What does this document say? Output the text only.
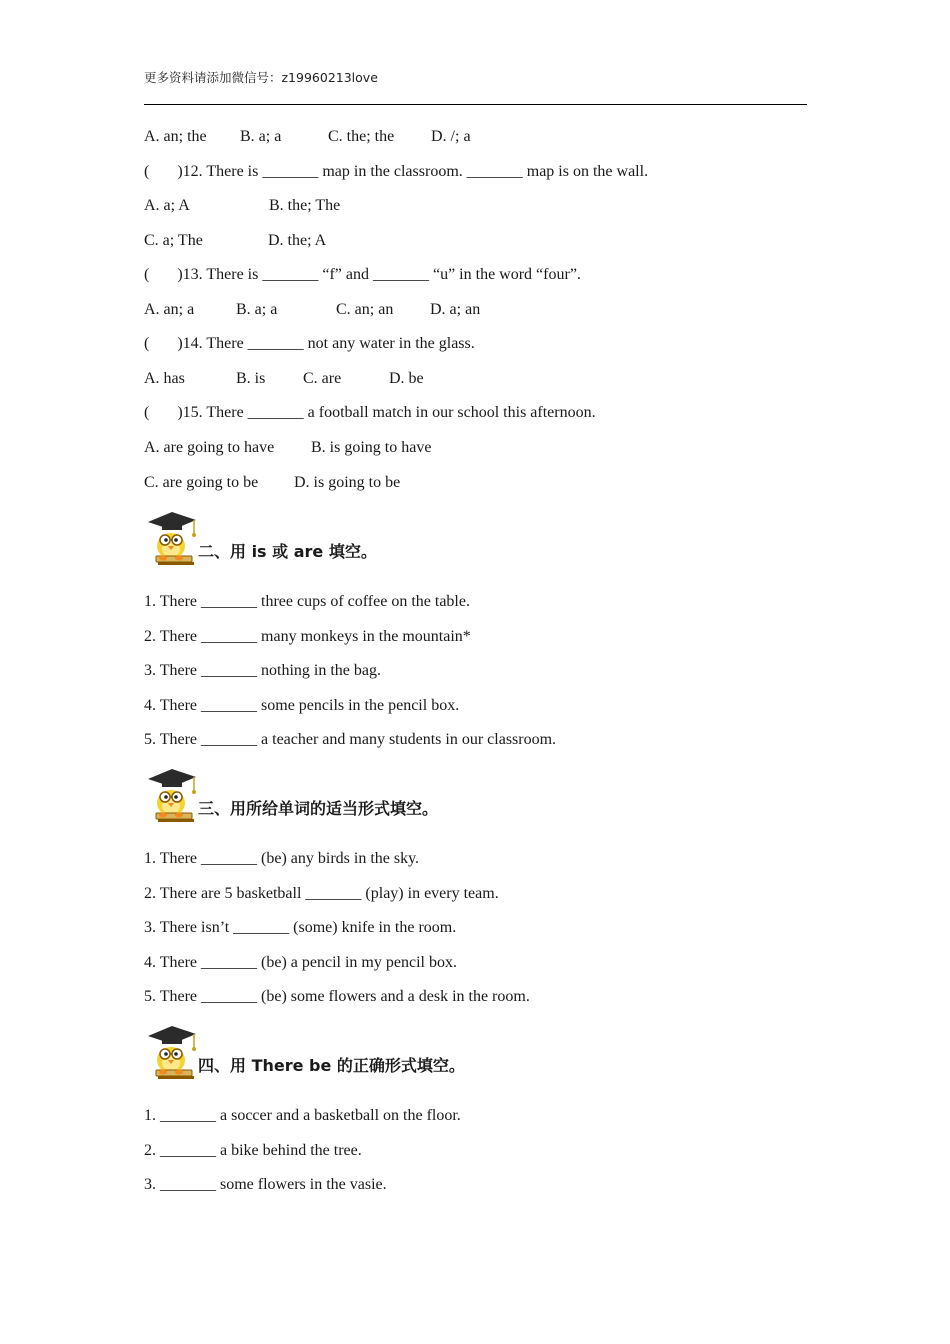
更多资料请添加微信号：z19960213love
A. an; the B. a; a	C. the; the D. /; a
(       )12. There is _______ map in the classroom. _______ map is on the wall.
A. a; A	B. the; The
C. a; The	D. the; A
(       )13. There is _______ “f” and _______ “u” in the word “four”.
A. an; a	B. a; a	C. an; an D. a; an
(       )14. There _______ not any water in the glass.
A. has	B. is C. are	D. be
(       )15. There _______ a football match in our school this afternoon.
A. are going to have B. is going to have
C. are going to be D. is going to be
二、用 is 或 are 填空。
1. There _______ three cups of coffee on the table.
2. There _______ many monkeys in the mountain*
3. There _______ nothing in the bag.
4. There _______ some pencils in the pencil box.
5. There _______ a teacher and many students in our classroom.
三、用所给单词的适当形式填空。
1. There _______ (be) any birds in the sky.
2. There are 5 basketball _______ (play) in every team.
3. There isn’t _______ (some) knife in the room.
4. There _______ (be) a pencil in my pencil box.
5. There _______ (be) some flowers and a desk in the room.
四、用 There be 的正确形式填空。
1. _______ a soccer and a basketball on the floor.
2. _______ a bike behind the tree.
3. _______ some flowers in the vasie.
